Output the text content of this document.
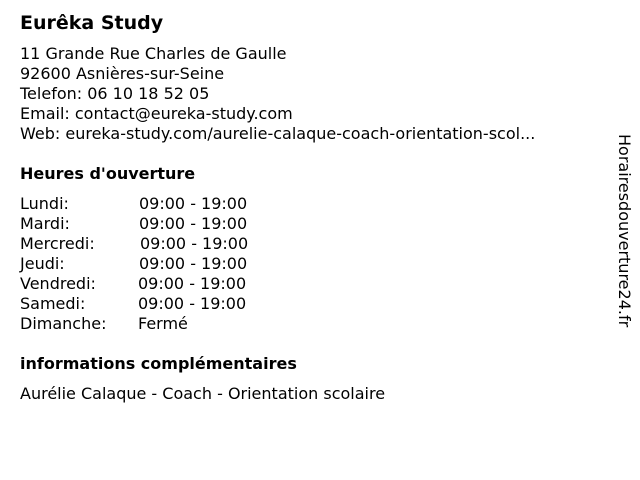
Eurêka Study
11 Grande Rue Charles de Gaulle
92600 Asnières-sur-Seine
Telefon: 06 10 18 52 05
Email: contact@eureka-study.com
Web: eureka-study.com/aurelie-calaque-coach-orientation-scol...
Heures d'ouverture
Lundi:	09:00 - 19:00
Mardi:	09:00 - 19:00
Mercredi:	09:00 - 19:00
Jeudi:	09:00 - 19:00
Vendredi:	09:00 - 19:00
Samedi:	09:00 - 19:00
Dimanche: Fermé
informations complémentaires
Aurélie Calaque - Coach - Orientation scolaire
Horairesdouverture24.fr
